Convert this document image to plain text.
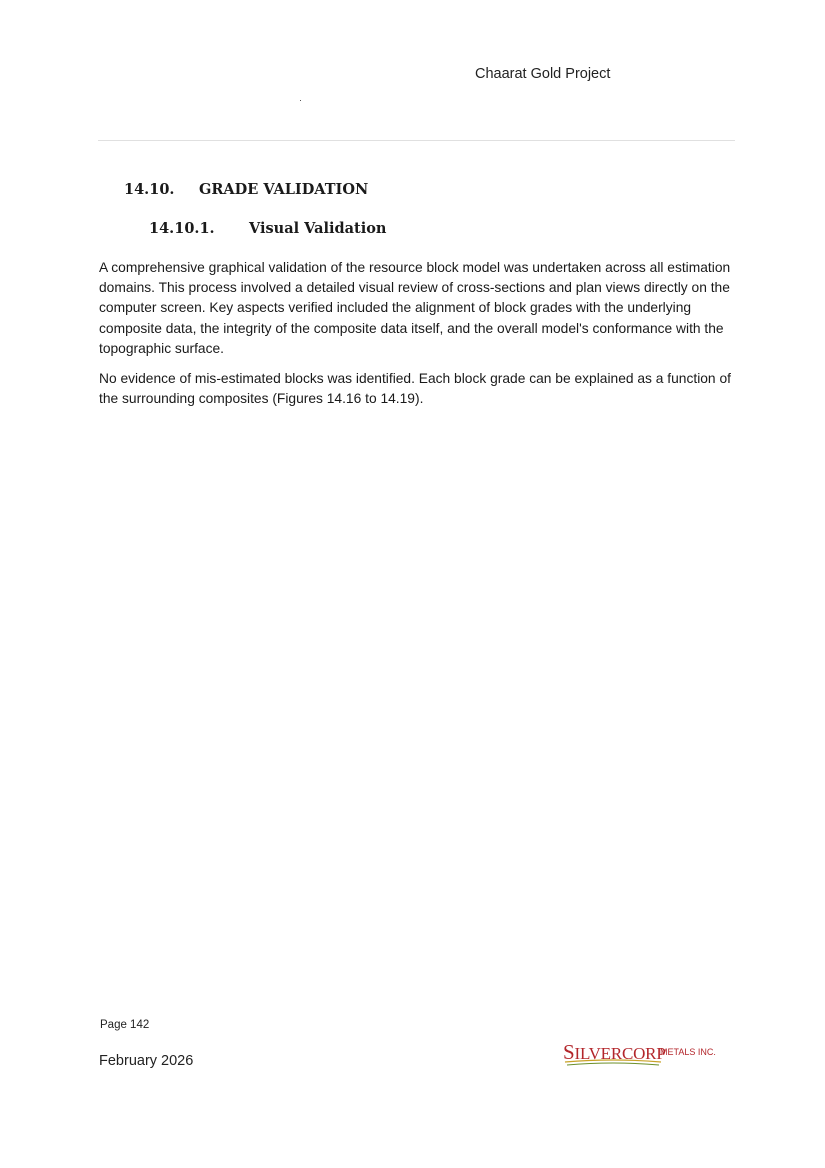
Chaarat Gold Project
14.10. GRADE VALIDATION
14.10.1. Visual Validation

A comprehensive graphical validation of the resource block model was undertaken across all estimation domains. This process involved a detailed visual review of cross-sections and plan views directly on the computer screen. Key aspects verified included the alignment of block grades with the underlying composite data, the integrity of the composite data itself, and the overall model's conformance with the topographic surface.

No evidence of mis-estimated blocks was identified. Each block grade can be explained as a function of the surrounding composites (Figures 14.16 to 14.19).

Page 142
February 2026	SILVERCORP
METALS INC.
